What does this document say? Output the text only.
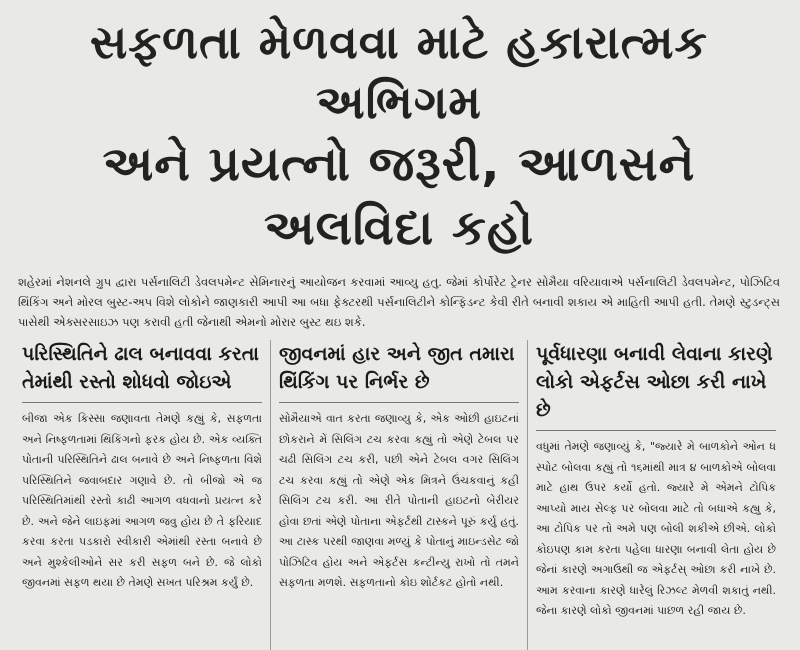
સફળતા મેળવવા માટે હકારાત્મક અભિગમ
અને પ્રયત્નો જરૂરી, આળસને અલવિદા કહો
શહેરમાં નેશનલે ગ્રુપ દ્વારા પર્સનાલિટી ડેવલપમેન્ટ સેમિનારનું આયોજન કરવામાં આવ્યુ હતુ. જેમાં કોર્પોરેટ ટ્રેનર સોમૈયા વરિયાવાએ પર્સનાલિટી ડેવલપમેન્ટ, પોઝિટિવ થિંકિંગ અને મોરલ બુસ્ટ-અપ વિશે લોકોને જાણકારી આપી આ બધા ફેક્ટરથી પર્સનાલિટીને કોન્ફિડન્ટ કેવી રીતે બનાવી શકાય એ માહિતી આપી હતી. તેમણે સ્ટુડન્ટ્સ પાસેથી એક્સરસાઇઝ પણ કરાવી હતી જેનાથી એમનો મોરાર બુસ્ટ થઇ શકે.
પરિસ્થિતિને ઢાલ બનાવવા કરતા તેમાંથી રસ્તો શોધવો જોઇએ
બીજા એક કિસ્સા જણાવતા તેમણે કહ્યું કે, સફળતા અને નિષ્ફળતામાં થિંકિંગનો ફરક હોય છે. એક વ્યક્તિ પોતાની પરિસ્થિતિને ઢાલ બનાવે છે અને નિષ્ફળતા વિશે પરિસ્થિતિને જવાબદાર ગણાવે છે. તો બીજો એ જ પરિસ્થિતિમાંથી રસ્તો કાઢી આગળ વધવાનો પ્રયત્ન કરે છે. અને જેને લાઇફમાં આગળ જવુ હોય છે તે ફરિયાદ કરવા કરતા પડકારો સ્વીકારી એમાંથી રસ્તા બનાવે છે અને મુશ્કેલીઓને સર કરી સફળ બને છે. જે લોકો જીવનમાં સફળ થયા છે તેમણે સખત પરિશ્રમ કર્યું છે.
જીવનમાં હાર અને જીત તમારા થિંકિંગ પર નિર્ભર છે
સોમૈયાએ વાત કરતા જણાવ્યુ કે, એક ઓછી હાઇટનાં છોકરાને મેં સિલિંગ ટચ કરવા કહ્યું તો એણે ટેબલ પર ચઢી સિલિંગ ટચ કરી, પછી એને ટેબલ વગર સિલિંગ ટચ કરવા કહ્યું તો એણે એક મિત્રને ઉંચકવાનું કહી સિલિંગ ટચ કરી. આ રીતે પોતાની હાઇટનો બેરીયર હોવા છતાં એણે પોતાના એફર્ટથી ટાસ્કને પૂરું કર્યુ હતું. આ ટાસ્ક પરથી જાણવા મળ્યું કે પોતાનું માઇન્ડસેટ જો પોઝિટિવ હોય અને એફર્ટસ કન્ટીન્યુ રાખો તો તમને સફળતા મળશે. સફળતાનો કોઇ શોર્ટકટ હોતો નથી.
પૂર્વધારણા બનાવી લેવાના કારણે લોકો એફર્ટસ ઓછા કરી નાખે છે
વધુમાં તેમણે જણાવ્યું કે, "જ્યારે મે બાળકોને ઓન ધ સ્પોટ બોલવા કહ્યું તો ૧૬માંથી માત્ર ૪ બાળકોએ બોલવા માટે હાથ ઉપર કર્યો હતો. જ્યારે મે એમને ટોપિક આપ્યો માય સેલ્ફ પર બોલવા માટે તો બધાએ કહ્યુ કે, આ ટોપિક પર તો અમે પણ બોલી શકીએ છીએ. લોકો કોઇપણ કામ કરતા પહેલા ધારણા બનાવી લેતા હોય છે જેનાં કારણે અગાઉથી જ એફર્ટસ્ ઓછા કરી નાખે છે. આમ કરવાના કારણે ધારેલું રિઝલ્ટ મેળવી શકાતું નથી. જેના કારણે લોકો જીવનમાં પાછળ રહી જાય છે.
